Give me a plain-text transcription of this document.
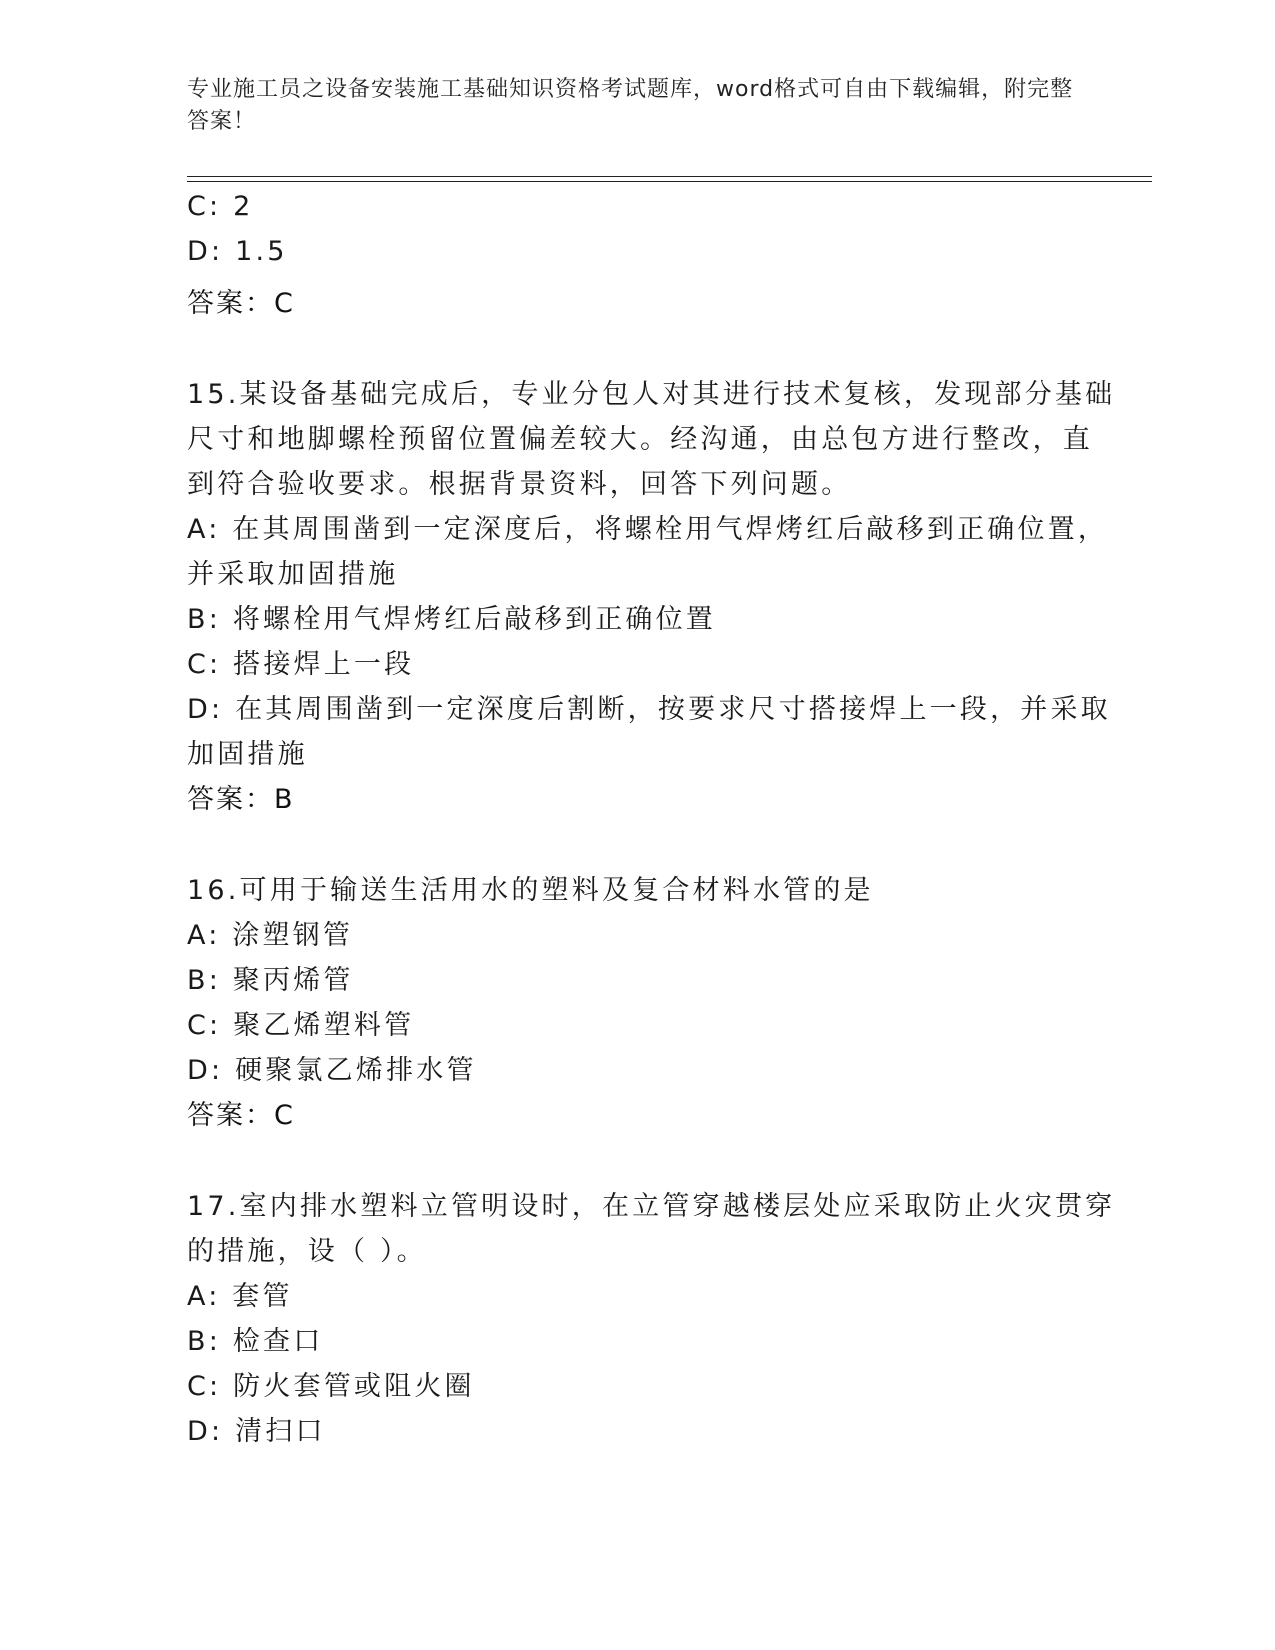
专业施工员之设备安装施工基础知识资格考试题库，word格式可自由下载编辑，附完整答案！
C: 2
D: 1.5
答案：C
15.某设备基础完成后，专业分包人对其进行技术复核，发现部分基础
尺寸和地脚螺栓预留位置偏差较大。经沟通，由总包方进行整改，直
到符合验收要求。根据背景资料，回答下列问题。
A: 在其周围凿到一定深度后，将螺栓用气焊烤红后敲移到正确位置，
并采取加固措施
B: 将螺栓用气焊烤红后敲移到正确位置
C: 搭接焊上一段
D: 在其周围凿到一定深度后割断，按要求尺寸搭接焊上一段，并采取
加固措施
答案：B
16.可用于输送生活用水的塑料及复合材料水管的是
A: 涂塑钢管
B: 聚丙烯管
C: 聚乙烯塑料管
D: 硬聚氯乙烯排水管
答案：C
17.室内排水塑料立管明设时，在立管穿越楼层处应采取防止火灾贯穿
的措施，设（ ）。
A: 套管
B: 检查口
C: 防火套管或阻火圈
D: 清扫口
